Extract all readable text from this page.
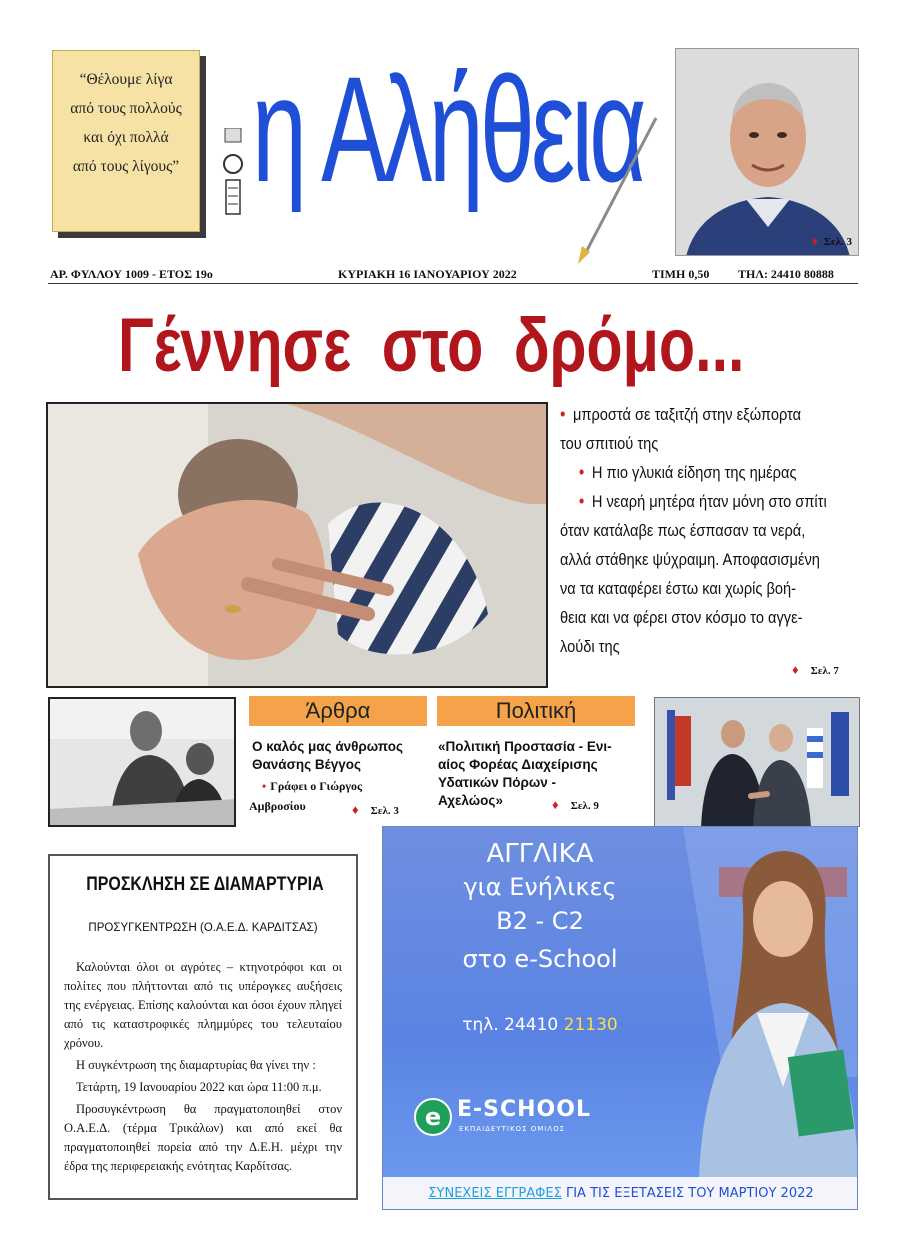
“Θέλουμε λίγα
από τους πολλούς
και όχι πολλά
από τους λίγους” η Αλήθεια
♦ Σελ. 3
ΑΡ. ΦΥΛΛΟΥ 1009 - ΕΤΟΣ 19ο	ΚΥΡΙΑΚΗ 16 ΙΑΝΟΥΑΡΙΟΥ 2022	ΤΙΜΗ 0,50 ΤΗΛ: 24410 80888
Γέννησε στο δρόμο...

• μπροστά σε ταξιτζή στην εξώπορτα

του σπιτιού της

• Η πιο γλυκιά είδηση της ημέρας

• Η νεαρή μητέρα ήταν μόνη στο σπίτι

όταν κατάλαβε πως έσπασαν τα νερά,

αλλά στάθηκε ψύχραιμη. Αποφασισμένη

να τα καταφέρει έστω και χωρίς βοή-

θεια και να φέρει στον κόσμο το αγγε-

λούδι της

♦ Σελ. 7
Άρθρα
Ο καλός μας άνθρωπος
Θανάσης Βέγγος
• Γράφει ο Γιώργος
Αμβροσίου	♦ Σελ. 3
Πολιτική
«Πολιτική Προστασία - Ενι-
αίος Φορέας Διαχείρισης
Υδατικών Πόρων -
Αχελώος»	♦ Σελ. 9
ΠΡΟΣΚΛΗΣΗ ΣΕ ΔΙΑΜΑΡΤΥΡΙΑ
ΠΡΟΣΥΓΚΕΝΤΡΩΣΗ (Ο.Α.Ε.Δ. ΚΑΡΔΙΤΣΑΣ)

Καλούνται όλοι οι αγρότες – κτηνοτρόφοι και οι πολίτες που πλήττονται από τις υπέρογκες αυξήσεις της ενέργειας. Επίσης καλούνται και όσοι έχουν πληγεί από τις καταστροφικές πλημμύρες του τελευταίου χρόνου.

Η συγκέντρωση της διαμαρτυρίας θα γίνει την :

Τετάρτη, 19 Ιανουαρίου 2022 και ώρα 11:00 π.μ.

Προσυγκέντρωση θα πραγματοποιηθεί στον Ο.Α.Ε.Δ. (τέρμα Τρικάλων) και από εκεί θα πραγματοποιηθεί πορεία από την Δ.Ε.Η. μέχρι την έδρα της περιφερειακής ενότητας Καρδίτσας.

ΑΓΓΛΙΚΑ
για Ενήλικες
B2 - C2
στο e-School
τηλ. 24410 21130
e E-SCHOOL
ΕΚΠΑΙΔΕΥΤΙΚΟΣ ΟΜΙΛΟΣ
ΣΥΝΕΧΕΙΣ ΕΓΓΡΑΦΕΣ ΓΙΑ ΤΙΣ ΕΞΕΤΑΣΕΙΣ ΤΟΥ ΜΑΡΤΙΟΥ 2022
